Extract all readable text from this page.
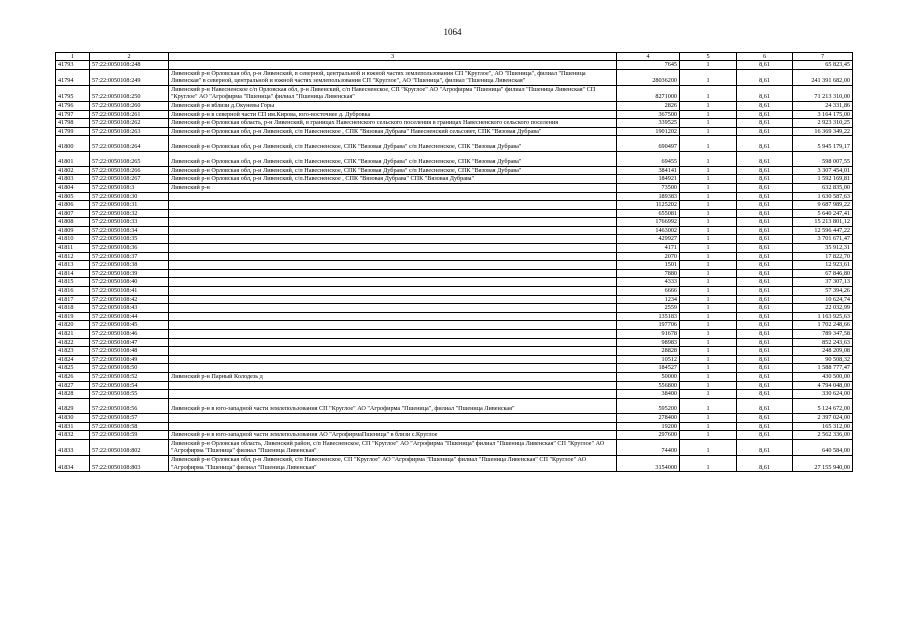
1064
1	2	3	4	5	6	7
41793	57:22:0050108:248		7645	1	8,61	65 823,45
41794	57:22:0050108:249	Ливенский р-н Орловская обл, р-н Ливенский, в северной, центральной и южной частях землепользования СП "Круглое", АО "Пшеница", филиал "Пшеница Ливенская" в северной, центральной и южной частях землепользования СП "Круглое", АО "Пшеница", филиал "Пшеница Ливенская"	28036200	1	8,61	241 391 682,00
41795	57:22:0050108:250	Ливенский р-н Навесненское с/п Орловская обл, р-н Ливенский, с/п Навесненское, СП "Круглое" АО "Агрофирма "Пшеница" филиал "Пшеница Ливенская" СП "Круглое" АО "Агрофирма "Пшеница" филиал "Пшеница Ливенская"	8271000	1	8,61	71 213 310,00
41796	57:22:0050108:260	Ливенский р-н вблизи д.Окуневы Горы	2826	1	8,61	24 331,86
41797	57:22:0050108:261	Ливенский р-н в северной части СП им.Кирова, юго-восточнее д. Дубровка	367500	1	8,61	3 164 175,00
41798	57:22:0050108:262	Ливенский р-н Орловская область, р-н Ливенский, в границах Навесненского сельского поселения в границах Навесненского сельского поселения	339525	1	8,61	2 923 310,25
41799	57:22:0050108:263	Ливенский р-н Орловская обл, р-н Ливенский, с/п Навесненское , СПК "Вязовая Дубрава" Навесненский сельсовет, СПК "Вязовая Дубрава"	1901202	1	8,61	16 369 349,22
41800	57:22:0050108:264	Ливенский р-н Орловская обл, р-н Ливенский, с/п Навесненское, СПК "Вязовая Дубрава" с/п Навесненское, СПК "Вязовая Дубрава"	690497	1	8,61	5 945 179,17
41801	57:22:0050108:265	Ливенский р-н Орловская обл, р-н Ливенский, с/п Навесненское, СПК "Вязовая Дубрава" с/п Навесненское, СПК "Вязовая Дубрава"	69455	1	8,61	598 007,55
41802	57:22:0050108:266	Ливенский р-н Орловская обл, р-н Ливенский, с/п Навесненское, СПК "Вязовая Дубрава" с/п Навесненское, СПК "Вязовая Дубрава"	384141	1	8,61	3 307 454,01
41803	57:22:0050108:267	Ливенский р-н Орловская обл, р-н Ливенский, с/п.Навесненское , СПК "Вязовая Дубрава" СПК "Вязовая Дубрава"	184921	1	8,61	1 592 169,81
41804	57:22:0050108:3	Ливенский р-н	73500	1	8,61	632 835,00
41805	57:22:0050108:30		189383	1	8,61	1 630 587,63
41806	57:22:0050108:31		1125202	1	8,61	9 687 989,22
41807	57:22:0050108:32		655081	1	8,61	5 640 247,41
41808	57:22:0050108:33		1766992	1	8,61	15 213 801,12
41809	57:22:0050108:34		1463002	1	8,61	12 596 447,22
41810	57:22:0050108:35		429927	1	8,61	3 701 671,47
41811	57:22:0050108:36		4171	1	8,61	35 912,31
41812	57:22:0050108:37		2070	1	8,61	17 822,70
41813	57:22:0050108:38		1501	1	8,61	12 923,61
41814	57:22:0050108:39		7880	1	8,61	67 846,80
41815	57:22:0050108:40		4333	1	8,61	37 307,13
41816	57:22:0050108:41		6666	1	8,61	57 394,26
41817	57:22:0050108:42		1234	1	8,61	10 624,74
41818	57:22:0050108:43		2559	1	8,61	22 032,99
41819	57:22:0050108:44		135183	1	8,61	1 163 925,63
41820	57:22:0050108:45		197706	1	8,61	1 702 248,66
41821	57:22:0050108:46		91678	1	8,61	789 347,58
41822	57:22:0050108:47		98983	1	8,61	852 243,63
41823	57:22:0050108:48		28828	1	8,61	248 209,08
41824	57:22:0050108:49		10512	1	8,61	90 508,32
41825	57:22:0050108:50		184527	1	8,61	1 588 777,47
41826	57:22:0050108:52	Ливенский р-н Парный Колодезь д	50000	1	8,61	430 500,00
41827	57:22:0050108:54		556800	1	8,61	4 794 048,00
41828	57:22:0050108:55		38400	1	8,61	330 624,00
41829	57:22:0050108:56	Ливенский р-н в юго-западной части землепользования СП "Круглое" АО "Агрофирма "Пшеница", филиал "Пшеница Ливенская"	595200	1	8,61	5 124 672,00
41830	57:22:0050108:57		278400	1	8,61	2 397 024,00
41831	57:22:0050108:58		19200	1	8,61	165 312,00
41832	57:22:0050108:59	Ливенский р-н в юго-западной части землепользования АО "АгрофирмаПшеница" в близи с.Круглое	297600	1	8,61	2 562 336,00
41833	57:22:0050108:802	Ливенский р-н Орловская область, Ливенский район, с/п Навесненское, СП "Круглое" АО "Агрофирма "Пшеница" филиал "Пшеница Ливенская" СП "Круглое" АО "Агрофирма "Пшеница" филиал "Пшеница Ливенская"	74400	1	8,61	640 584,00
41834	57:22:0050108:803	Ливенский р-н Орловская обл, р-н Ливенский, с/п Навесненское, СП "Круглое" АО "Агрофирма "Пшеница" филиал "Пшеница Ливенская" СП "Круглое" АО "Агрофирма "Пшеница" филиал "Пшеница Ливенская"	3154000	1	8,61	27 155 940,00
